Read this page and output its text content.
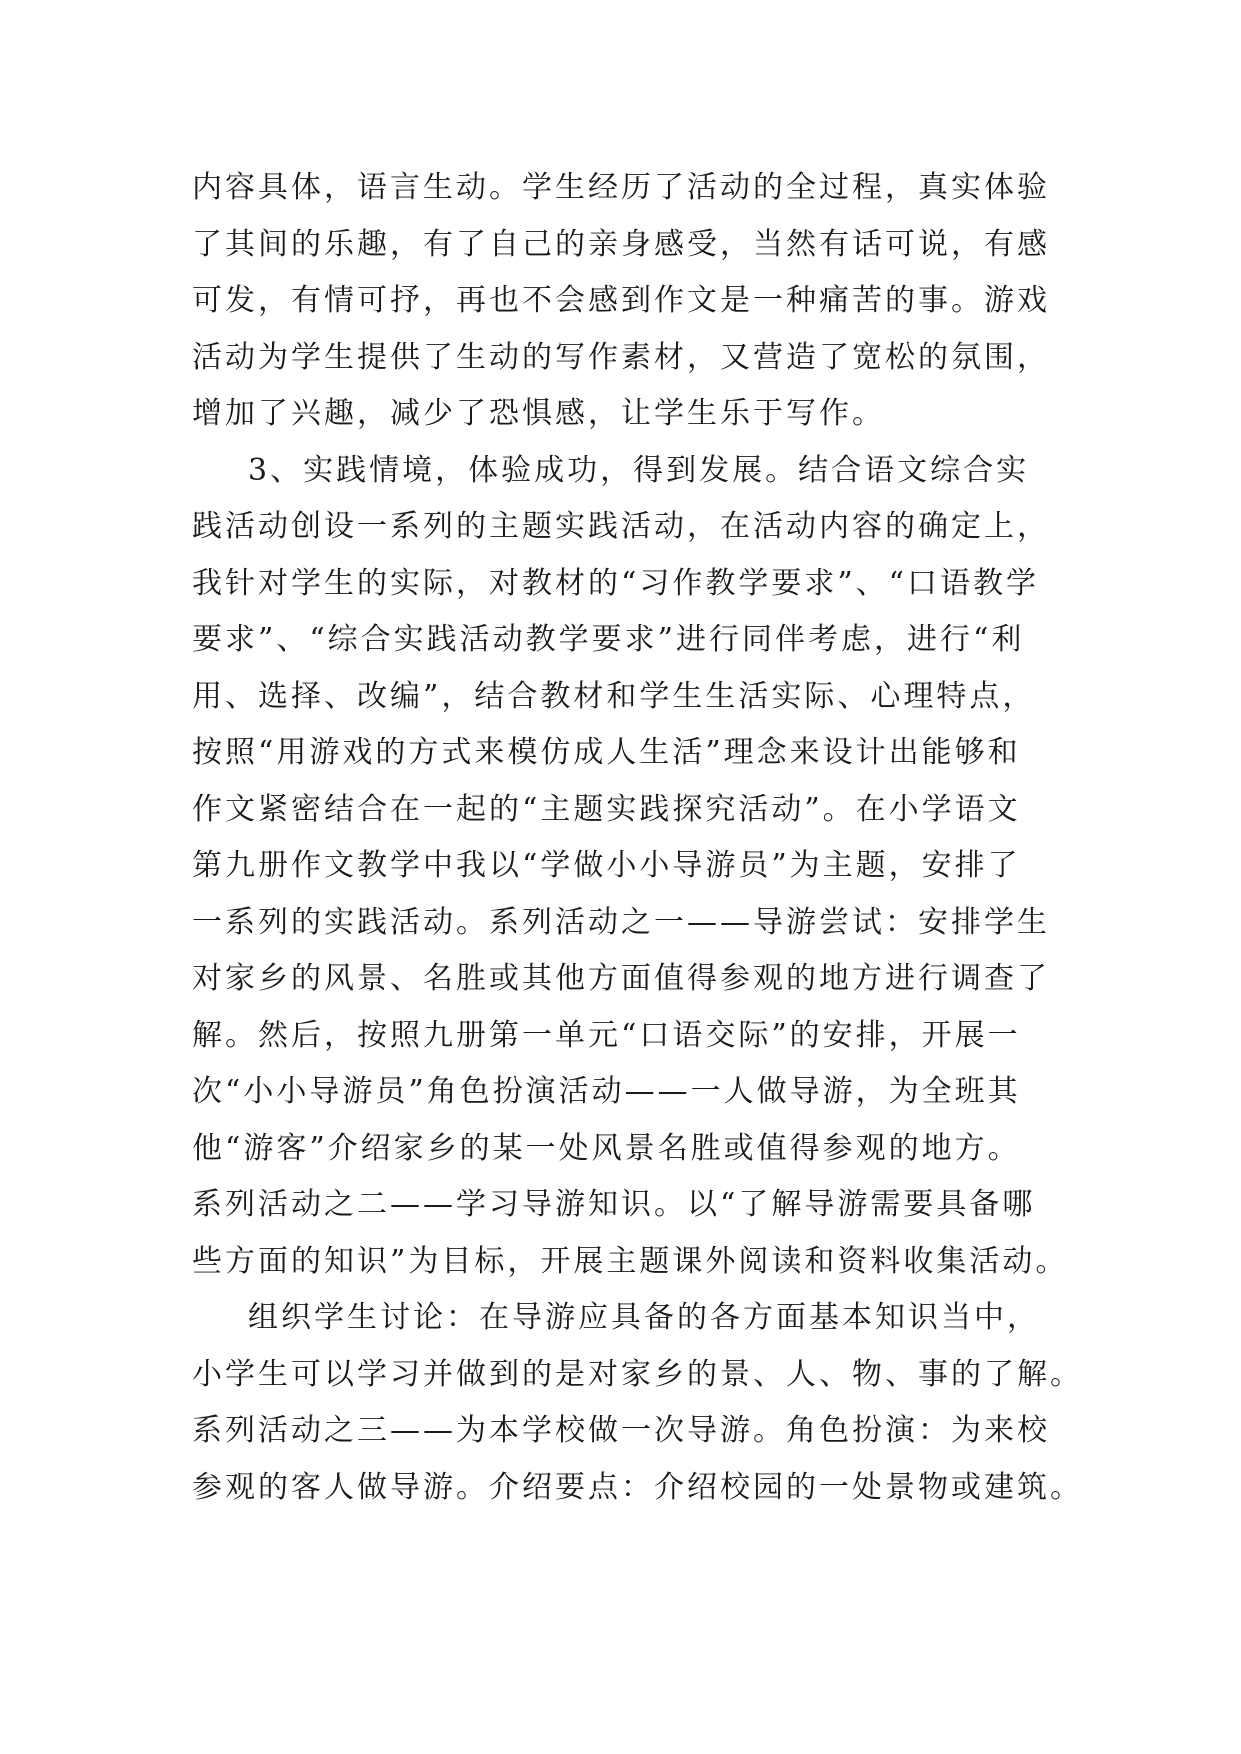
内容具体，语言生动。学生经历了活动的全过程，真实体验
了其间的乐趣，有了自己的亲身感受，当然有话可说，有感
可发，有情可抒，再也不会感到作文是一种痛苦的事。游戏
活动为学生提供了生动的写作素材，又营造了宽松的氛围，
增加了兴趣，减少了恐惧感，让学生乐于写作。
3、实践情境，体验成功，得到发展。结合语文综合实
践活动创设一系列的主题实践活动，在活动内容的确定上，
我针对学生的实际，对教材的“习作教学要求”、“口语教学
要求”、“综合实践活动教学要求”进行同伴考虑，进行“利
用、选择、改编”，结合教材和学生生活实际、心理特点，
按照“用游戏的方式来模仿成人生活”理念来设计出能够和
作文紧密结合在一起的“主题实践探究活动”。在小学语文
第九册作文教学中我以“学做小小导游员”为主题，安排了
一系列的实践活动。系列活动之一——导游尝试：安排学生
对家乡的风景、名胜或其他方面值得参观的地方进行调查了
解。然后，按照九册第一单元“口语交际”的安排，开展一
次“小小导游员”角色扮演活动——一人做导游，为全班其
他“游客”介绍家乡的某一处风景名胜或值得参观的地方。
系列活动之二——学习导游知识。以“了解导游需要具备哪
些方面的知识”为目标，开展主题课外阅读和资料收集活动。
组织学生讨论：在导游应具备的各方面基本知识当中，
小学生可以学习并做到的是对家乡的景、人、物、事的了解。
系列活动之三——为本学校做一次导游。角色扮演：为来校
参观的客人做导游。介绍要点：介绍校园的一处景物或建筑。
